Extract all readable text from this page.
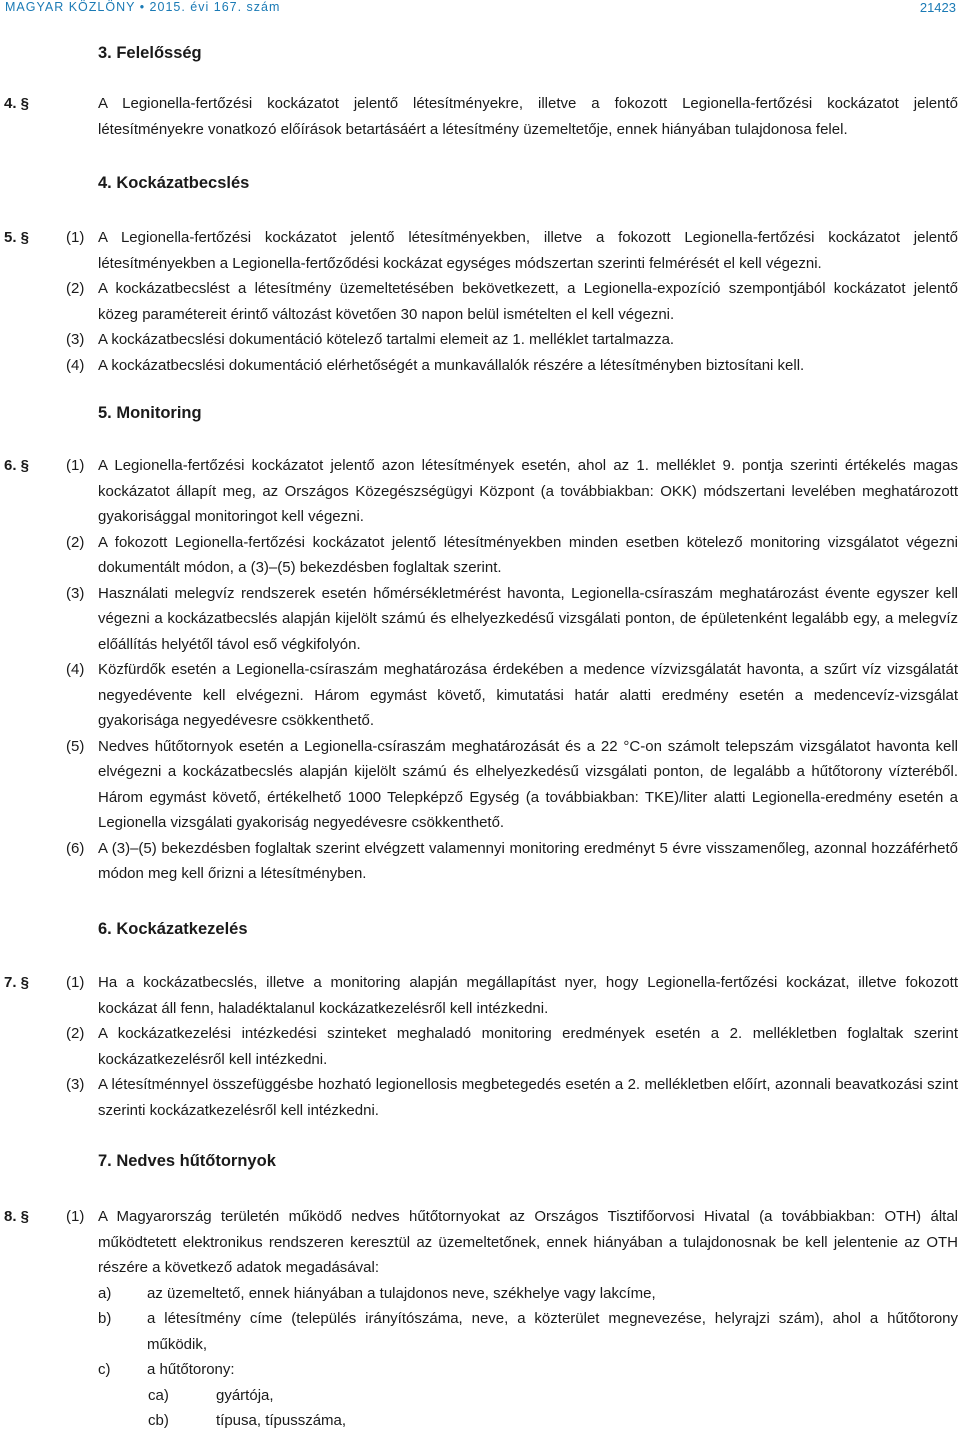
MAGYAR KÖZLÖNY • 2015. évi 167. szám	21423
3. Felelősség
4. §	A Legionella-fertőzési kockázatot jelentő létesítményekre, illetve a fokozott Legionella-fertőzési kockázatot jelentő létesítményekre vonatkozó előírások betartásáért a létesítmény üzemeltetője, ennek hiányában tulajdonosa felel.
4. Kockázatbecslés
5. § (1) A Legionella-fertőzési kockázatot jelentő létesítményekben, illetve a fokozott Legionella-fertőzési kockázatot jelentő létesítményekben a Legionella-fertőződési kockázat egységes módszertan szerinti felmérését el kell végezni.
(2) A kockázatbecslést a létesítmény üzemeltetésében bekövetkezett, a Legionella-expozíció szempontjából kockázatot jelentő közeg paramétereit érintő változást követően 30 napon belül ismételten el kell végezni.
(3) A kockázatbecslési dokumentáció kötelező tartalmi elemeit az 1. melléklet tartalmazza.
(4) A kockázatbecslési dokumentáció elérhetőségét a munkavállalók részére a létesítményben biztosítani kell.
5. Monitoring
6. § (1) A Legionella-fertőzési kockázatot jelentő azon létesítmények esetén, ahol az 1. melléklet 9. pontja szerinti értékelés magas kockázatot állapít meg, az Országos Közegészségügyi Központ (a továbbiakban: OKK) módszertani levelében meghatározott gyakorisággal monitoringot kell végezni.
(2) A fokozott Legionella-fertőzési kockázatot jelentő létesítményekben minden esetben kötelező monitoring vizsgálatot végezni dokumentált módon, a (3)–(5) bekezdésben foglaltak szerint.
(3) Használati melegvíz rendszerek esetén hőmérsékletmérést havonta, Legionella-csíraszám meghatározást évente egyszer kell végezni a kockázatbecslés alapján kijelölt számú és elhelyezkedésű vizsgálati ponton, de épületenként legalább egy, a melegvíz előállítás helyétől távol eső végkifolyón.
(4) Közfürdők esetén a Legionella-csíraszám meghatározása érdekében a medence vízvizsgálatát havonta, a szűrt víz vizsgálatát negyedévente kell elvégezni. Három egymást követő, kimutatási határ alatti eredmény esetén a medencevíz-vizsgálat gyakorisága negyedévesre csökkenthető.
(5) Nedves hűtőtornyok esetén a Legionella-csíraszám meghatározását és a 22 °C-on számolt telepszám vizsgálatot havonta kell elvégezni a kockázatbecslés alapján kijelölt számú és elhelyezkedésű vizsgálati ponton, de legalább a hűtőtorony vízteréből. Három egymást követő, értékelhető 1000 Telepképző Egység (a továbbiakban: TKE)/liter alatti Legionella-eredmény esetén a Legionella vizsgálati gyakoriság negyedévesre csökkenthető.
(6) A (3)–(5) bekezdésben foglaltak szerint elvégzett valamennyi monitoring eredményt 5 évre visszamenőleg, azonnal hozzáférhető módon meg kell őrizni a létesítményben.
6. Kockázatkezelés
7. § (1) Ha a kockázatbecslés, illetve a monitoring alapján megállapítást nyer, hogy Legionella-fertőzési kockázat, illetve fokozott kockázat áll fenn, haladéktalanul kockázatkezelésről kell intézkedni.
(2) A kockázatkezelési intézkedési szinteket meghaladó monitoring eredmények esetén a 2. mellékletben foglaltak szerint kockázatkezelésről kell intézkedni.
(3) A létesítménnyel összefüggésbe hozható legionellosis megbetegedés esetén a 2. mellékletben előírt, azonnali beavatkozási szint szerinti kockázatkezelésről kell intézkedni.
7. Nedves hűtőtornyok
8. § (1) A Magyarország területén működő nedves hűtőtornyokat az Országos Tisztifőorvosi Hivatal (a továbbiakban: OTH) által működtetett elektronikus rendszeren keresztül az üzemeltetőnek, ennek hiányában a tulajdonosnak be kell jelentenie az OTH részére a következő adatok megadásával:
a) az üzemeltető, ennek hiányában a tulajdonos neve, székhelye vagy lakcíme,
b) a létesítmény címe (település irányítószáma, neve, a közterület megnevezése, helyrajzi szám), ahol a hűtőtorony működik,
c) a hűtőtorony:
ca)	gyártója,
cb)	típusa, típusszáma,
